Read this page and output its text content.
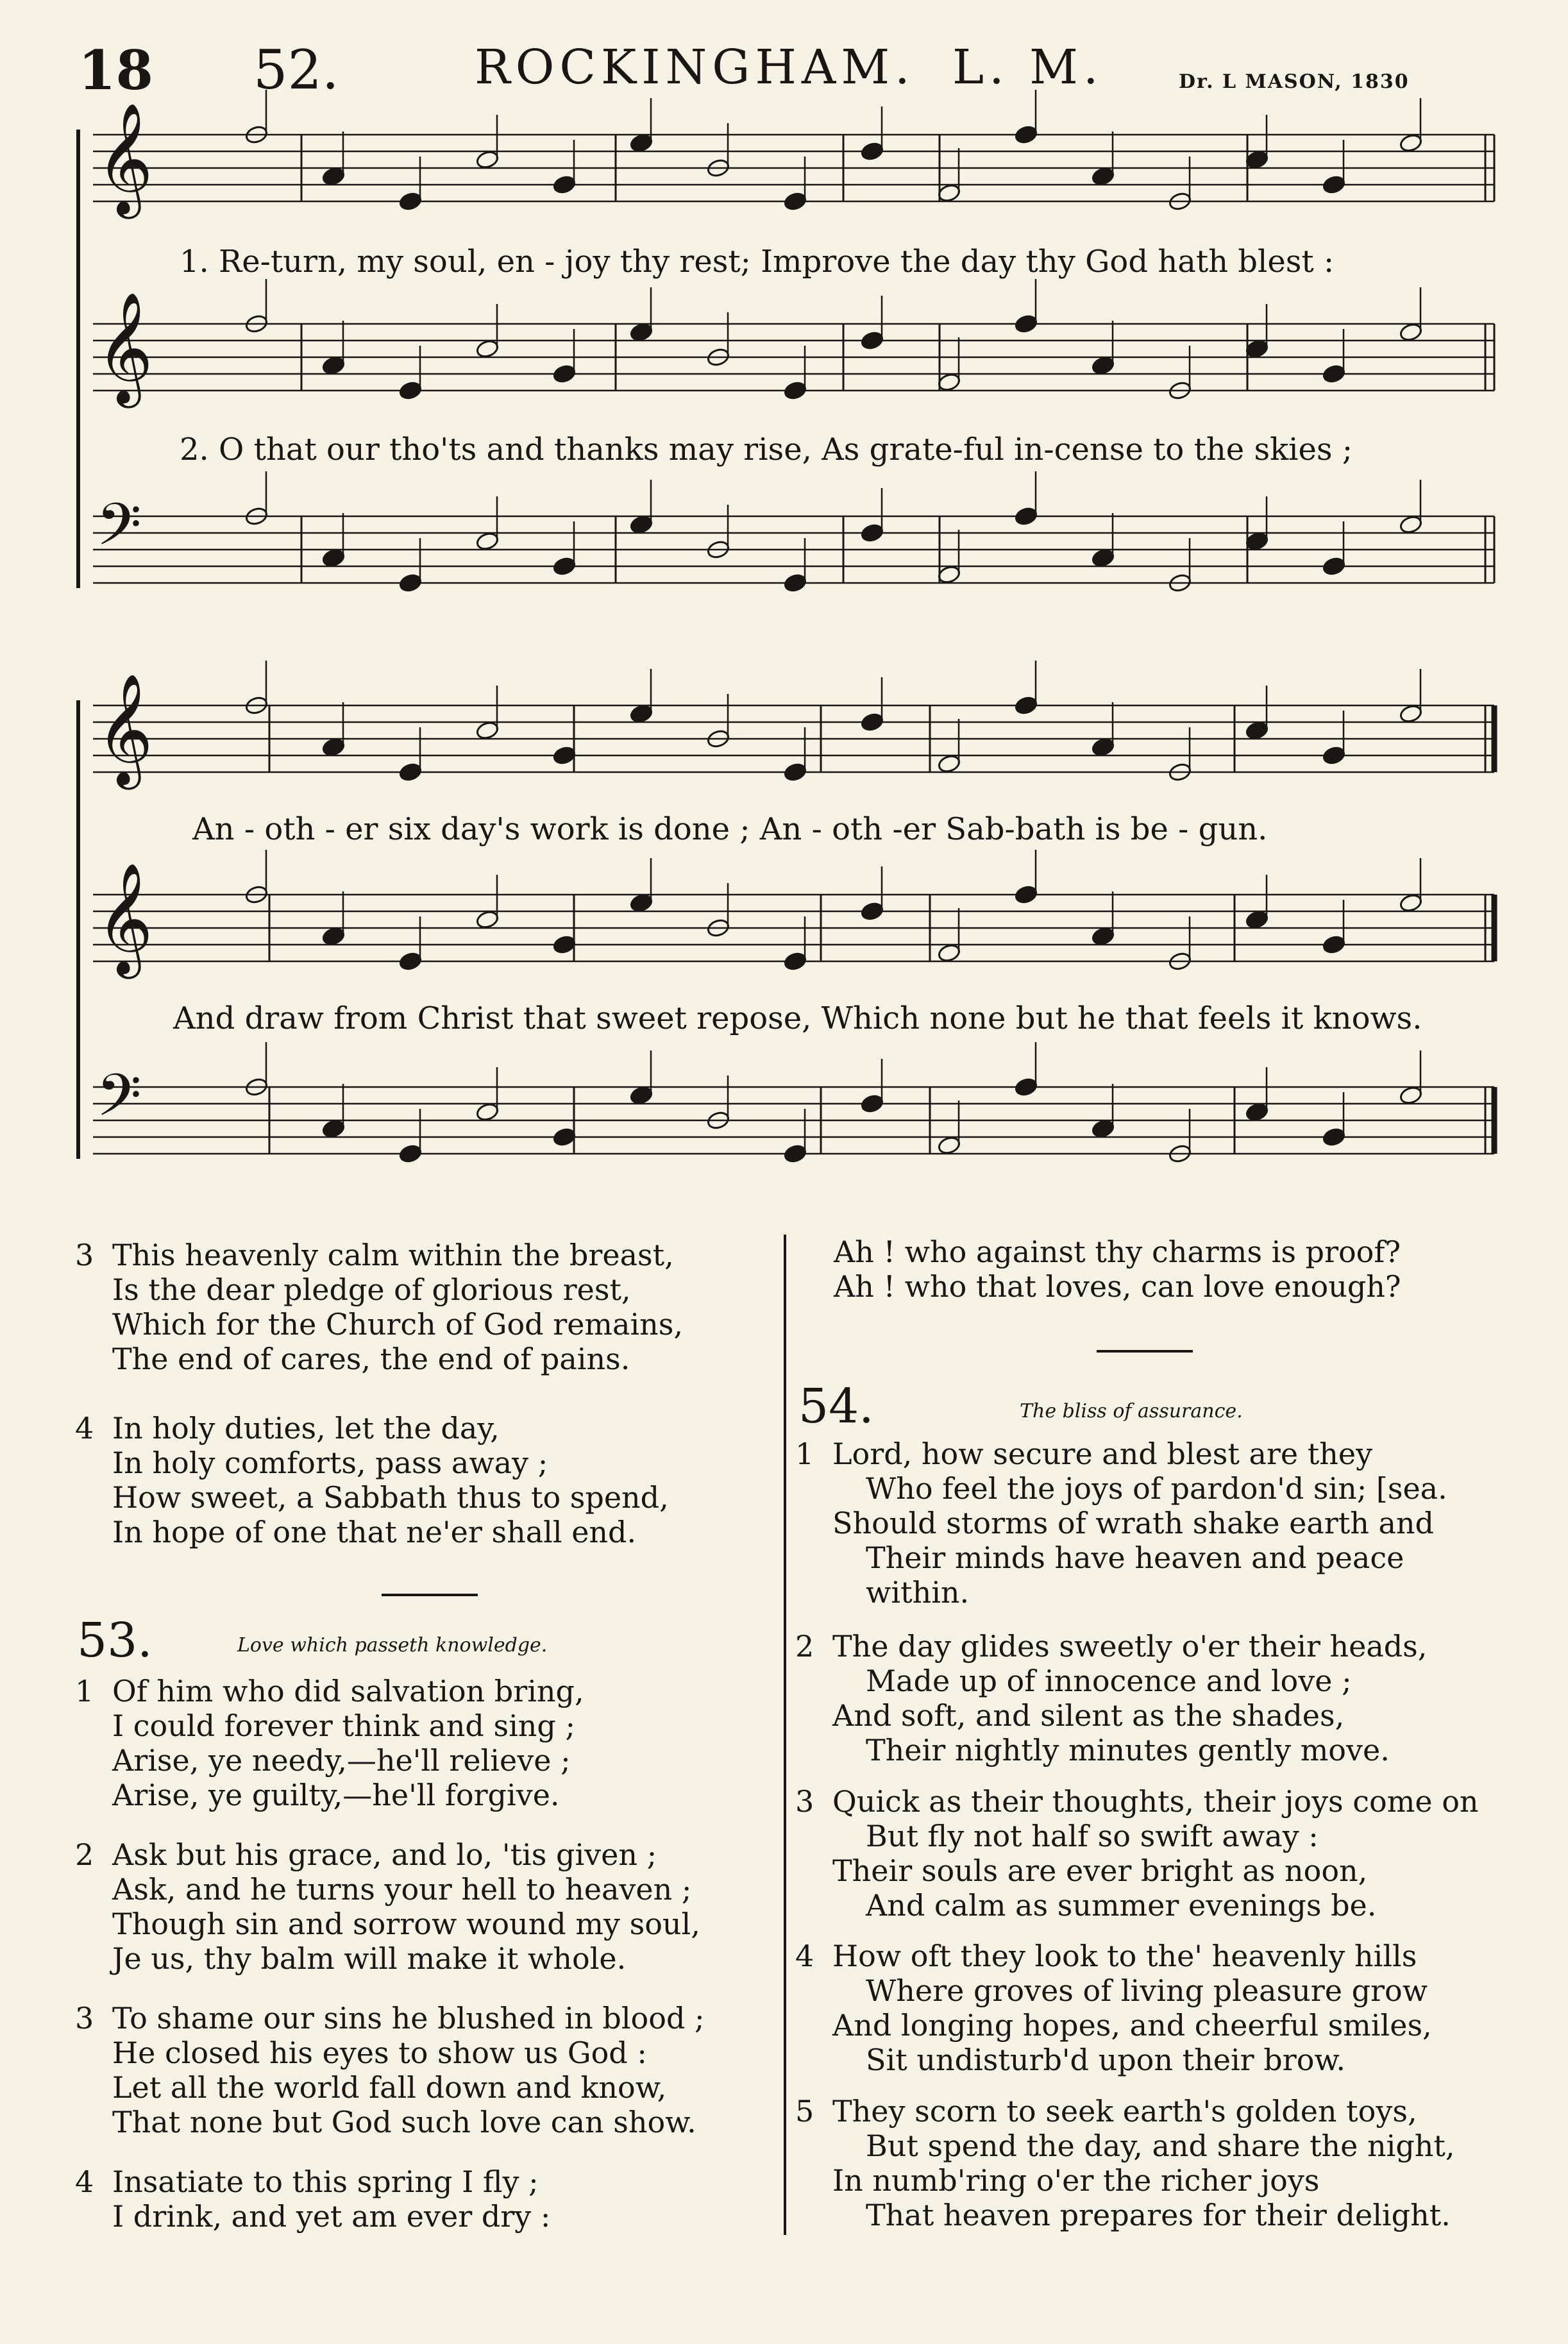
18 52.	ROCKINGHAM. L. M.	Dr. L MASON, 1830
𝄞
𝄞
𝄢
𝄞
𝄞
𝄢
1. Re-turn, my soul, en - joy thy rest; Improve the day thy God hath blest :
2. O that our tho'ts and thanks may rise, As grate-ful in-cense to the skies ;
An - oth - er six day's work is done ; An - oth -er Sab-bath is be - gun.
And draw from Christ that sweet repose, Which none but he that feels it knows.
3 This heavenly calm within the breast,
Is the dear pledge of glorious rest,
Which for the Church of God remains,
The end of cares, the end of pains.
4 In holy duties, let the day,
In holy comforts, pass away ;
How sweet, a Sabbath thus to spend,
In hope of one that ne'er shall end.
53.	Love which passeth knowledge.
1 Of him who did salvation bring,
I could forever think and sing ;
Arise, ye needy,—he'll relieve ;
Arise, ye guilty,—he'll forgive.
2 Ask but his grace, and lo, 'tis given ;
Ask, and he turns your hell to heaven ;
Though sin and sorrow wound my soul,
Je us, thy balm will make it whole.
3 To shame our sins he blushed in blood ;
He closed his eyes to show us God :
Let all the world fall down and know,
That none but God such love can show.
4 Insatiate to this spring I fly ;
I drink, and yet am ever dry :
Ah ! who against thy charms is proof?
Ah ! who that loves, can love enough?
54.	The bliss of assurance.
1 Lord, how secure and blest are they
Who feel the joys of pardon'd sin; [sea.
Should storms of wrath shake earth and
Their minds have heaven and peace
within.
2 The day glides sweetly o'er their heads,
Made up of innocence and love ;
And soft, and silent as the shades,
Their nightly minutes gently move.
3 Quick as their thoughts, their joys come on
But fly not half so swift away :
Their souls are ever bright as noon,
And calm as summer evenings be.
4 How oft they look to the' heavenly hills
Where groves of living pleasure grow
And longing hopes, and cheerful smiles,
Sit undisturb'd upon their brow.
5 They scorn to seek earth's golden toys,
But spend the day, and share the night,
In numb'ring o'er the richer joys
That heaven prepares for their delight.
